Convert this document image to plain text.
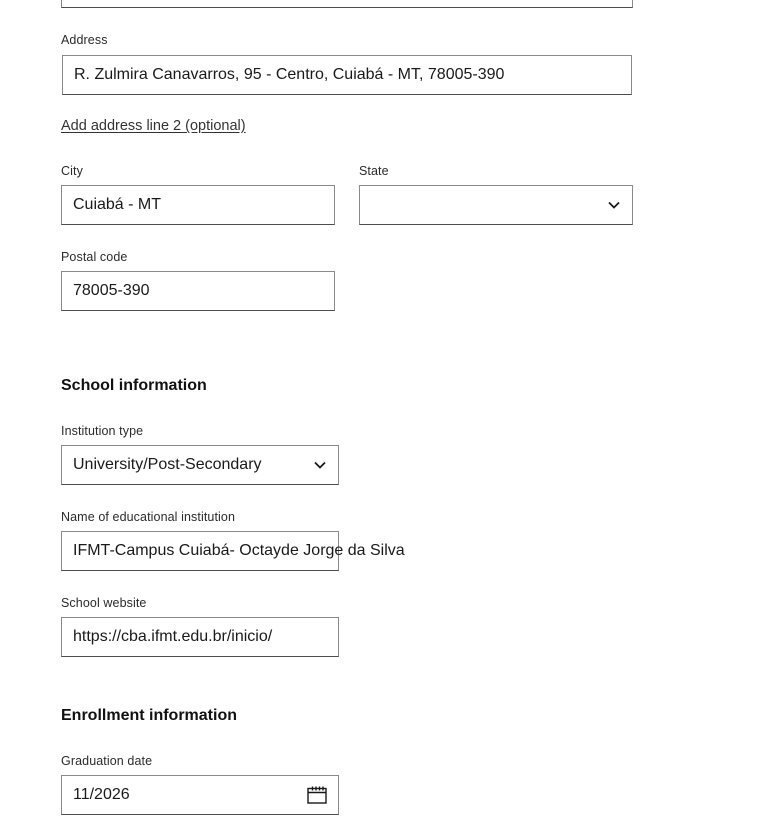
Address
R. Zulmira Canavarros, 95 - Centro, Cuiabá - MT, 78005-390
Add address line 2 (optional)
City
Cuiabá - MT
State
Postal code
78005-390
School information
Institution type
University/Post-Secondary
Name of educational institution
IFMT-Campus Cuiabá- Octayde Jorge da Silva
School website
https://cba.ifmt.edu.br/inicio/
Enrollment information
Graduation date
11/2026
